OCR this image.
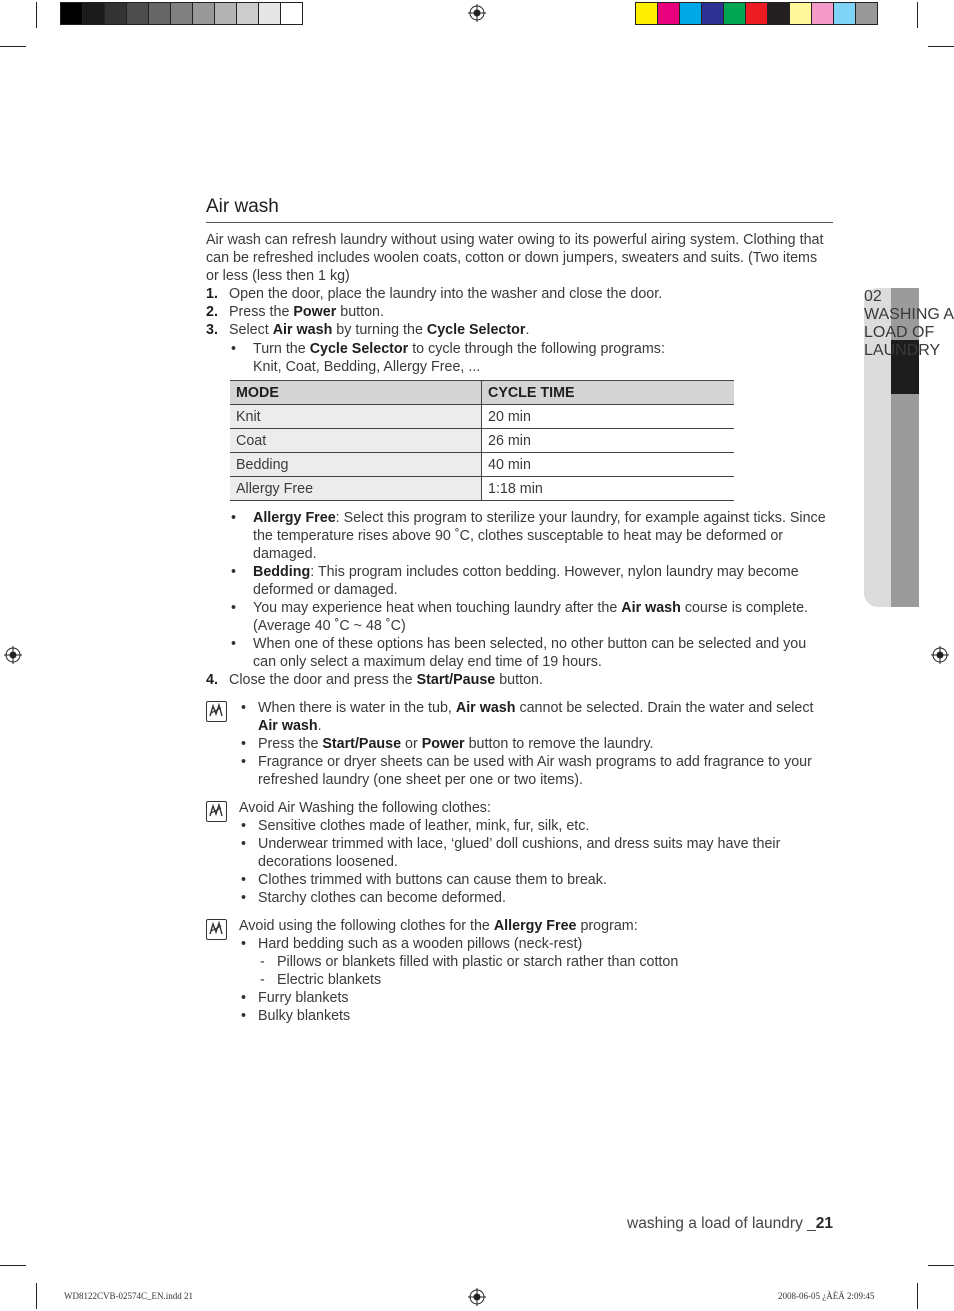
02 WASHING A LOAD OF LAUNDRY
Air wash

Air wash can refresh laundry without using water owing to its powerful airing system. Clothing that can be refreshed includes woolen coats, cotton or down jumpers, sweaters and suits. (Two items or less (less then 1 kg)

1. Open the door, place the laundry into the washer and close the door.
2. Press the Power button.
3. Select Air wash by turning the Cycle Selector.
• Turn the Cycle Selector to cycle through the following programs:
Knit, Coat, Bedding, Allergy Free, ...
MODE	CYCLE TIME
Knit	20 min
Coat	26 min
Bedding	40 min
Allergy Free	1:18 min
• Allergy Free: Select this program to sterilize your laundry, for example against ticks. Since the temperature rises above 90 ˚C, clothes susceptable to heat may be deformed or damaged.
• Bedding: This program includes cotton bedding. However, nylon laundry may become deformed or damaged.
• You may experience heat when touching laundry after the Air wash course is complete. (Average 40 ˚C ~ 48 ˚C)
• When one of these options has been selected, no other button can be selected and you can only select a maximum delay end time of 19 hours.
4. Close the door and press the Start/Pause button.
• When there is water in the tub, Air wash cannot be selected. Drain the water and select Air wash.
• Press the Start/Pause or Power button to remove the laundry.
• Fragrance or dryer sheets can be used with Air wash programs to add fragrance to your refreshed laundry (one sheet per one or two items).
Avoid Air Washing the following clothes:
• Sensitive clothes made of leather, mink, fur, silk, etc.
• Underwear trimmed with lace, ‘glued’ doll cushions, and dress suits may have their decorations loosened.
• Clothes trimmed with buttons can cause them to break.
• Starchy clothes can become deformed.
Avoid using the following clothes for the Allergy Free program:
• Hard bedding such as a wooden pillows (neck-rest)
- Pillows or blankets filled with plastic or starch rather than cotton
- Electric blankets
• Furry blankets
• Bulky blankets
washing a load of laundry _21
WD8122CVB-02574C_EN.indd 21	2008-06-05 ¿ÀÈÄ 2:09:45
